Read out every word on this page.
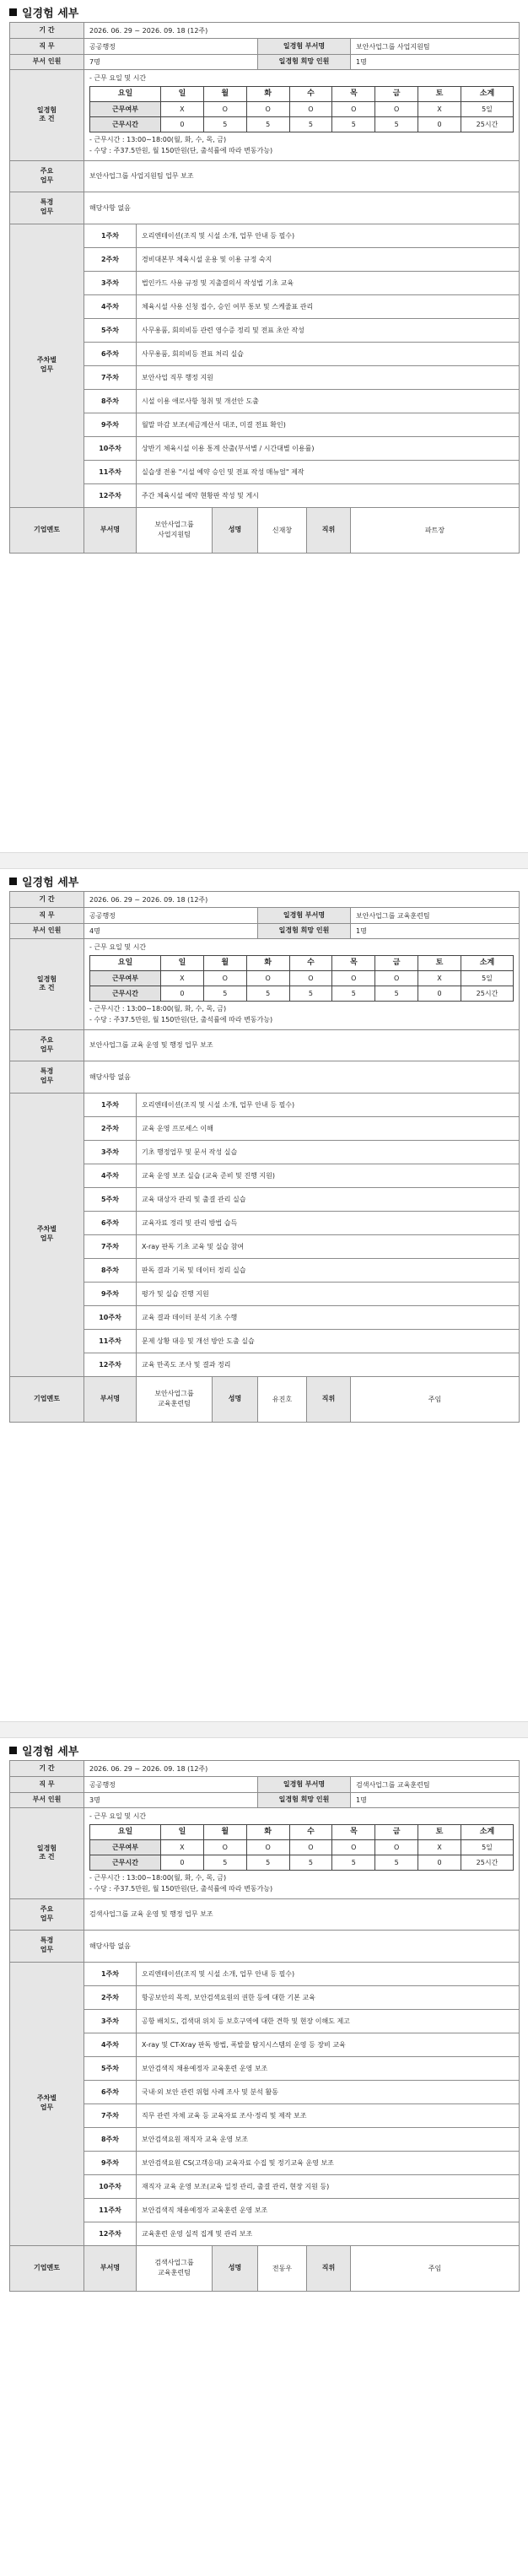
일경험 세부
기 간	2026. 06. 29 ~ 2026. 09. 18 (12주)
직 무	공공행정	일경험 부서명	보안사업그룹 사업지원팀
부서 인원	7명	일경험 희망 인원	1명
일경험
조 건	
- 근무 요일 및 시간
요일	일	월	화	수	목	금	토	소계
근무여부	X	O	O	O	O	O	X	5일
근무시간	0	5	5	5	5	5	0	25시간
- 근무시간 : 13:00~18:00(월, 화, 수, 목, 금)
- 수당 : 주37.5만원, 월 150만원(단, 출석률에 따라 변동가능)

주요
업무	보안사업그룹 사업지원팀 업무 보조
특경
업무	해당사항 없음
주차별
업무	1주차	오리엔테이션(조직 및 시설 소개, 업무 안내 등 필수)
2주차	경비대본부 체육시설 운용 및 이용 규정 숙지
3주차	법인카드 사용 규정 및 지출결의서 작성법 기초 교육
4주차	체육시설 사용 신청 접수, 승인 여부 통보 및 스케줄표 관리
5주차	사무용품, 회의비등 관련 영수증 정리 및 전표 초안 작성
6주차	사무용품, 회의비등 전표 처리 실습
7주차	보안사업 직무 행정 지원
8주차	시설 이용 애로사항 청취 및 개선안 도출
9주차	월말 마감 보조(세금계산서 대조, 미결 전표 확인)
10주차	상반기 체육시설 이용 통계 산출(부서별 / 시간대별 이용률)
11주차	실습생 전용 "시설 예약 승인 및 전표 작성 매뉴얼" 제작
12주차	주간 체육시설 예약 현황판 작성 및 게시
기업멘토	부서명	보안사업그룹
사업지원팀	성명	신재창	직위	파트장
일경험 세부
기 간	2026. 06. 29 ~ 2026. 09. 18 (12주)
직 무	공공행정	일경험 부서명	보안사업그룹 교육훈련팀
부서 인원	4명	일경험 희망 인원	1명
일경험
조 건	
- 근무 요일 및 시간
요일	일	월	화	수	목	금	토	소계
근무여부	X	O	O	O	O	O	X	5일
근무시간	0	5	5	5	5	5	0	25시간
- 근무시간 : 13:00~18:00(월, 화, 수, 목, 금)
- 수당 : 주37.5만원, 월 150만원(단, 출석률에 따라 변동가능)

주요
업무	보안사업그룹 교육 운영 및 행정 업무 보조
특경
업무	해당사항 없음
주차별
업무	1주차	오리엔테이션(조직 및 시설 소개, 업무 안내 등 필수)
2주차	교육 운영 프로세스 이해
3주차	기초 행정업무 및 문서 작성 실습
4주차	교육 운영 보조 실습 (교육 준비 및 진행 지원)
5주차	교육 대상자 관리 및 출결 관리 실습
6주차	교육자료 정리 및 관리 방법 습득
7주차	X-ray 판독 기초 교육 및 실습 참여
8주차	판독 결과 기록 및 데이터 정리 실습
9주차	평가 및 실습 진행 지원
10주차	교육 결과 데이터 분석 기초 수행
11주차	문제 상황 대응 및 개선 방안 도출 실습
12주차	교육 만족도 조사 및 결과 정리
기업멘토	부서명	보안사업그룹
교육훈련팀	성명	유진호	직위	주임
일경험 세부
기 간	2026. 06. 29 ~ 2026. 09. 18 (12주)
직 무	공공행정	일경험 부서명	검색사업그룹 교육훈련팀
부서 인원	3명	일경험 희망 인원	1명
일경험
조 건	
- 근무 요일 및 시간
요일	일	월	화	수	목	금	토	소계
근무여부	X	O	O	O	O	O	X	5일
근무시간	0	5	5	5	5	5	0	25시간
- 근무시간 : 13:00~18:00(월, 화, 수, 목, 금)
- 수당 : 주37.5만원, 월 150만원(단, 출석률에 따라 변동가능)

주요
업무	검색사업그룹 교육 운영 및 행정 업무 보조
특경
업무	해당사항 없음
주차별
업무	1주차	오리엔테이션(조직 및 시설 소개, 업무 안내 등 필수)
2주차	항공보안의 목적, 보안검색요원의 권한 등에 대한 기본 교육
3주차	공항 배치도, 검색대 위치 등 보호구역에 대한 견학 및 현장 이해도 제고
4주차	X-ray 및 CT-Xray 판독 방법, 폭발물 탐지시스템의 운영 등 장비 교육
5주차	보안검색직 채용예정자 교육훈련 운영 보조
6주차	국내·외 보안 관련 위협 사례 조사 및 분석 활동
7주차	직무 관련 자체 교육 등 교육자료 조사·정리 및 제작 보조
8주차	보안검색요원 재직자 교육 운영 보조
9주차	보안검색요원 CS(고객응대) 교육자료 수집 및 정기교육 운영 보조
10주차	재직자 교육 운영 보조(교육 일정 관리, 출결 관리, 현장 지원 등)
11주차	보안검색직 채용예정자 교육훈련 운영 보조
12주차	교육훈련 운영 실적 집계 및 관리 보조
기업멘토	부서명	검색사업그룹
교육훈련팀	성명	전동우	직위	주임
